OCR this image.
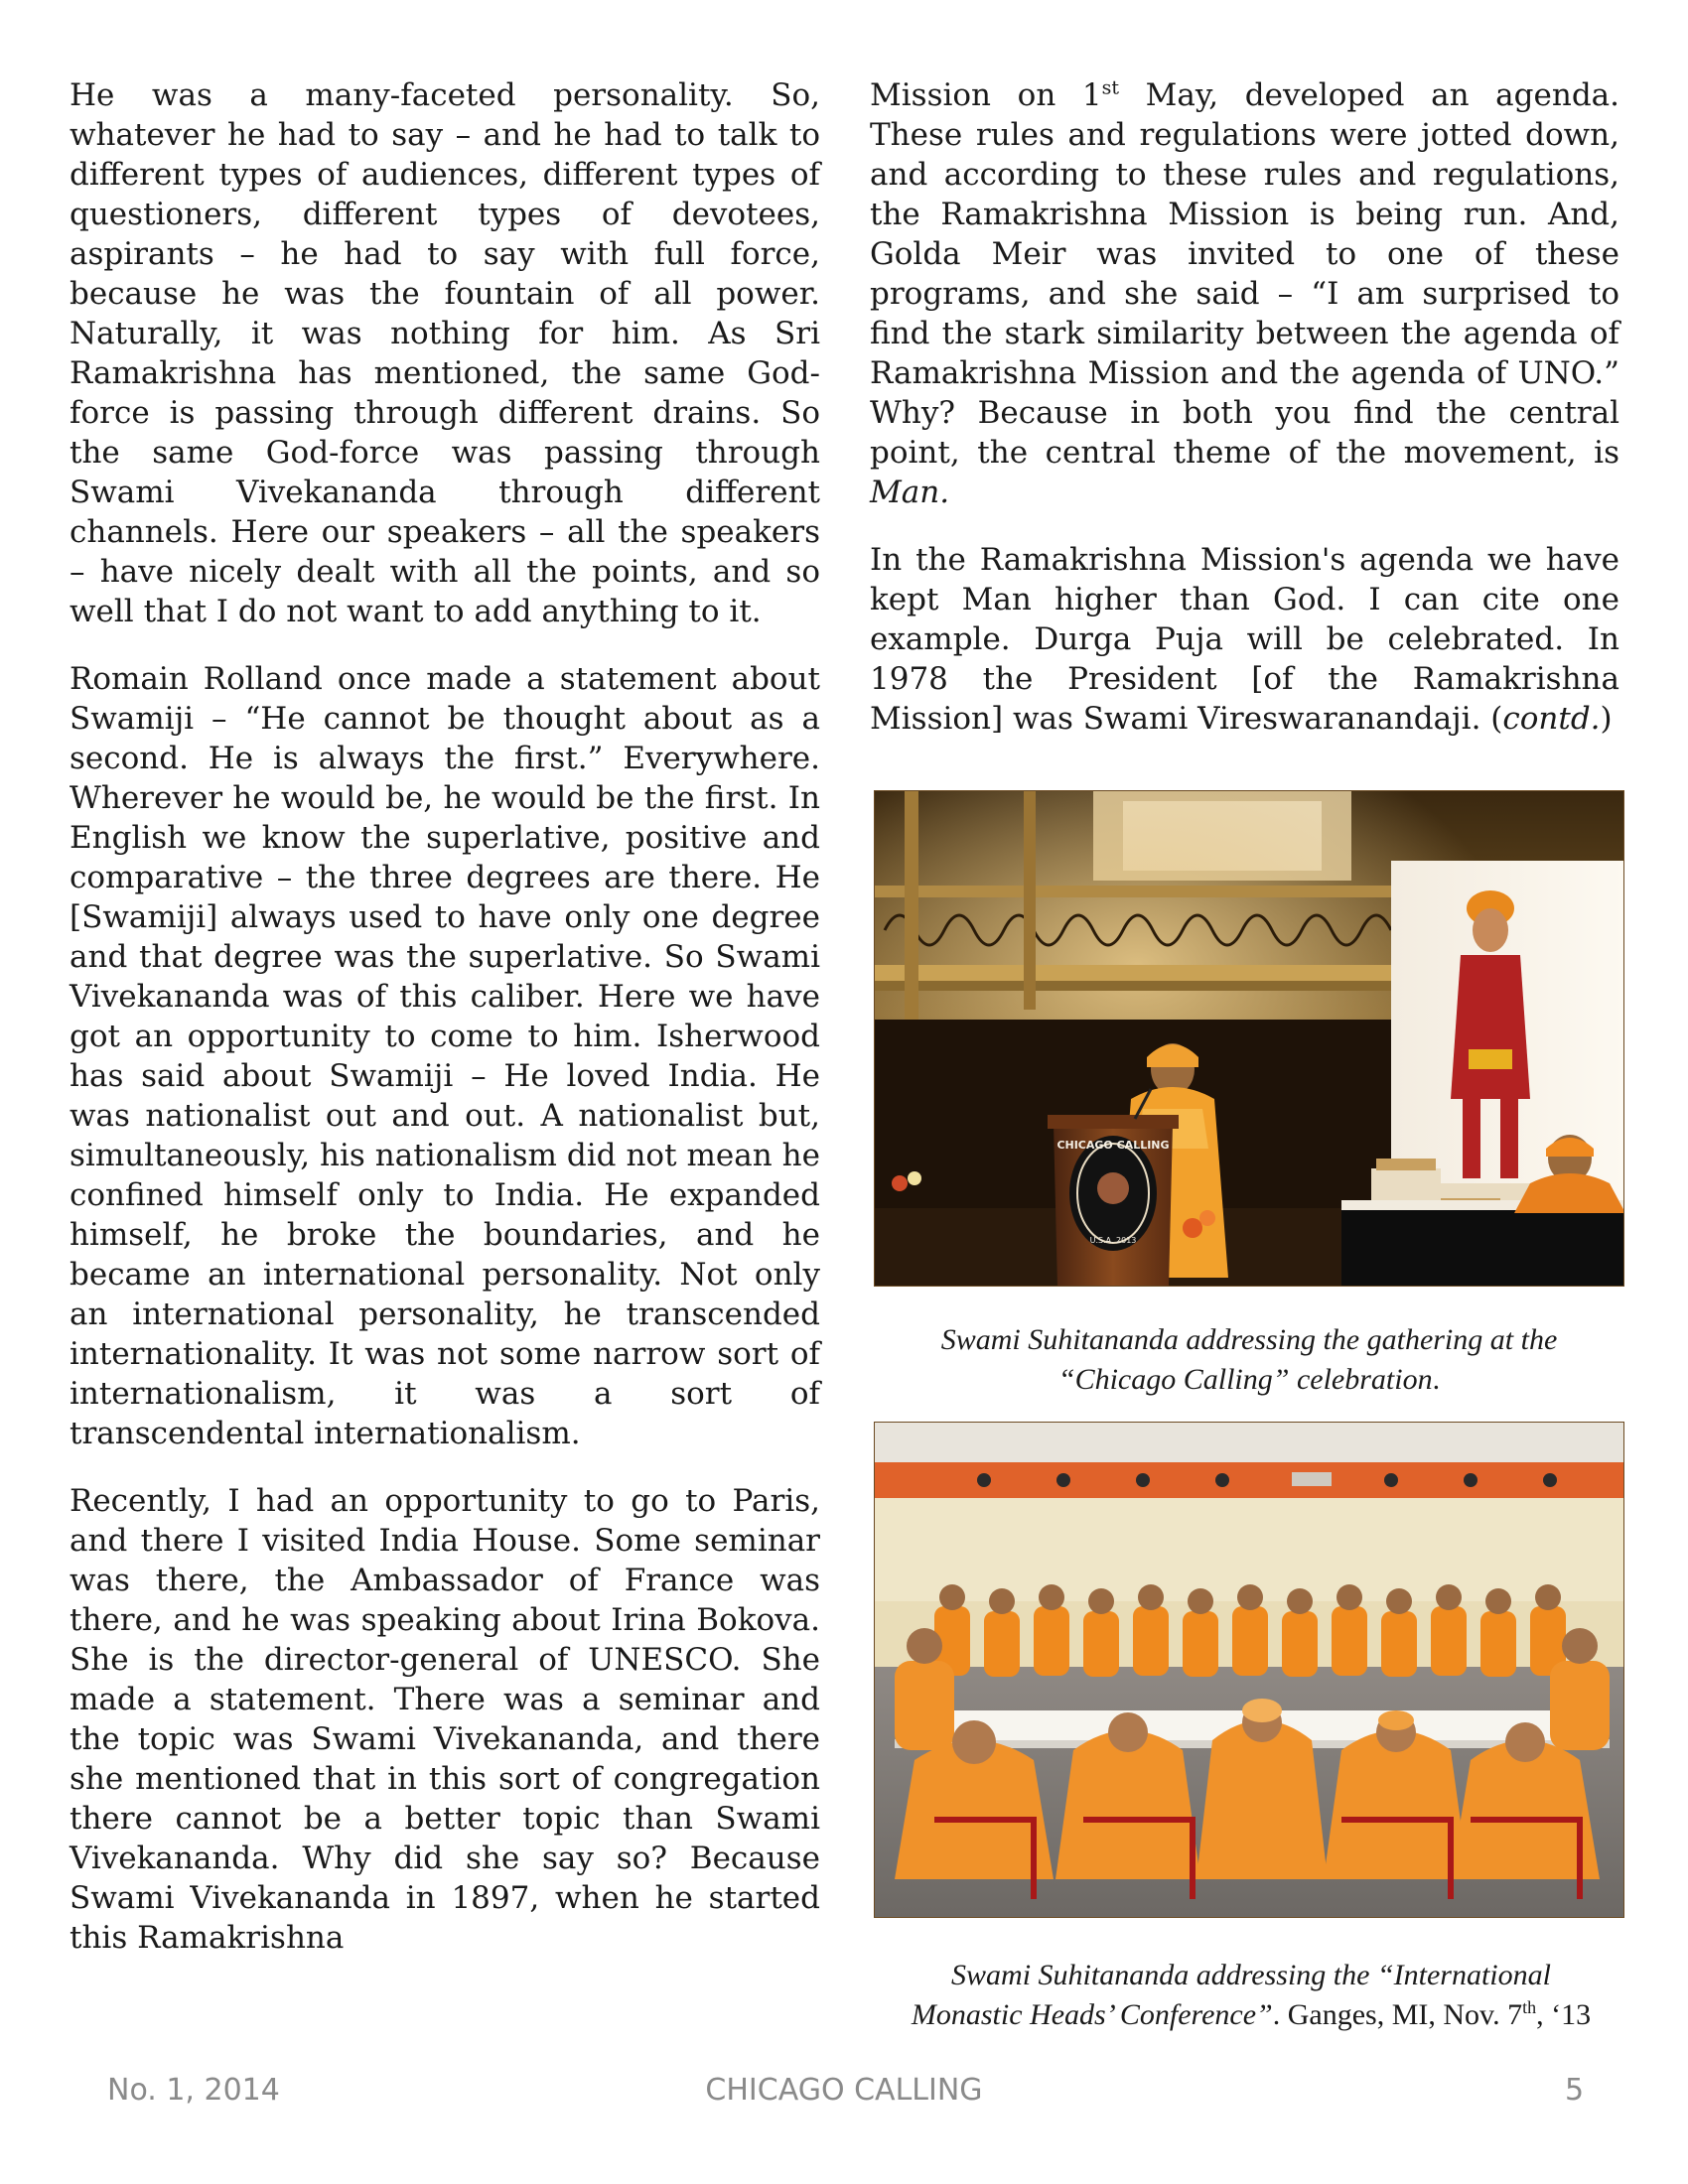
He was a many-faceted personality. So, whatever he had to say – and he had to talk to different types of audiences, different types of questioners, different types of devotees, aspirants – he had to say with full force, because he was the fountain of all power. Naturally, it was nothing for him. As Sri Ramakrishna has mentioned, the same God-force is passing through different drains. So the same God-force was passing through Swami Vivekananda through different channels. Here our speakers – all the speakers – have nicely dealt with all the points, and so well that I do not want to add anything to it.

Romain Rolland once made a statement about Swamiji – “He cannot be thought about as a second. He is always the first.” Everywhere. Wherever he would be, he would be the first. In English we know the superlative, positive and comparative – the three degrees are there. He [Swamiji] always used to have only one degree and that degree was the superlative. So Swami Vivekananda was of this caliber. Here we have got an opportunity to come to him. Isherwood has said about Swamiji – He loved India. He was nationalist out and out. A nationalist but, simultaneously, his nationalism did not mean he confined himself only to India. He expanded himself, he broke the boundaries, and he became an international personality. Not only an international personality, he transcended internationality. It was not some narrow sort of internationalism, it was a sort of transcendental internationalism.

Recently, I had an opportunity to go to Paris, and there I visited India House. Some seminar was there, the Ambassador of France was there, and he was speaking about Irina Bokova. She is the director-general of UNESCO. She made a statement. There was a seminar and the topic was Swami Vivekananda, and there she mentioned that in this sort of congregation there cannot be a better topic than Swami Vivekananda. Why did she say so? Because Swami Vivekananda in 1897, when he started this Ramakrishna

Mission on 1st May, developed an agenda. These rules and regulations were jotted down, and according to these rules and regulations, the Ramakrishna Mission is being run. And, Golda Meir was invited to one of these programs, and she said – “I am surprised to find the stark similarity between the agenda of Ramakrishna Mission and the agenda of UNO.” Why? Because in both you find the central point, the central theme of the movement, is Man.

In the Ramakrishna Mission's agenda we have kept Man higher than God. I can cite one example. Durga Puja will be celebrated. In 1978 the President [of the Ramakrishna Mission] was Swami Vireswaranandaji. (contd.)

CHICAGO CALLING
U.S.A. 2013
Swami Suhitananda addressing the gathering at the
“Chicago Calling” celebration.
Swami Suhitananda addressing the “International
Monastic Heads’ Conference”. Ganges, MI, Nov. 7th, ‘13
CHICAGO CALLING
No. 1, 2014	5
